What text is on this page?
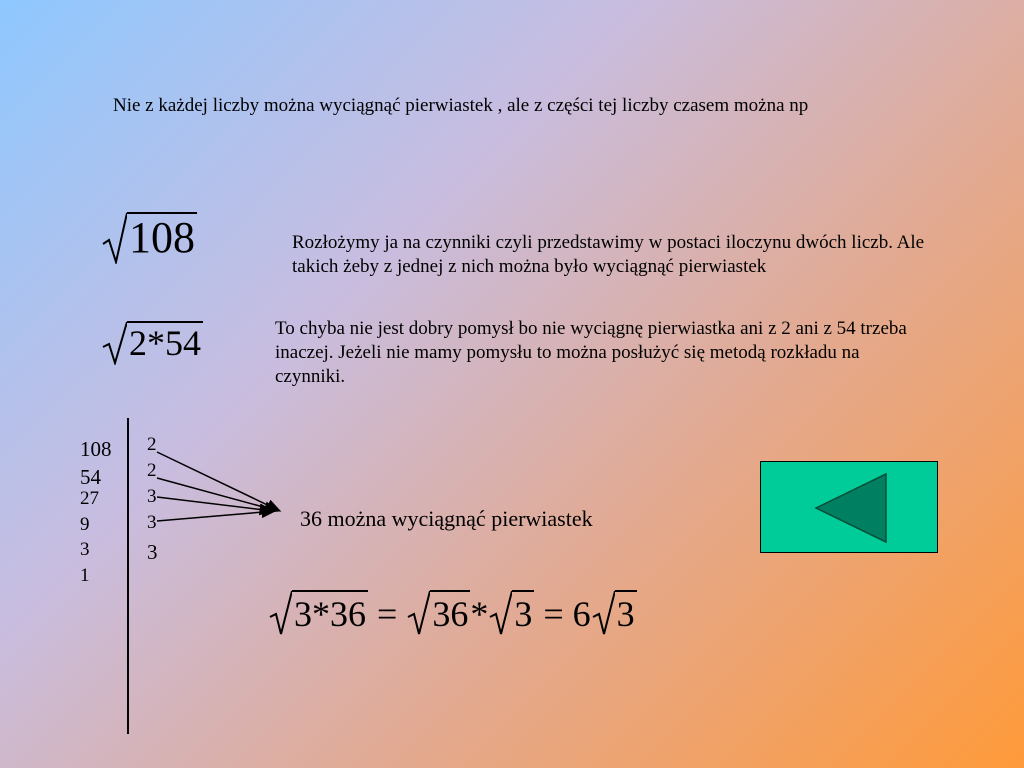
Nie z każdej liczby można wyciągnąć pierwiastek , ale z części tej liczby czasem można np
108	Rozłożymy ja na czynniki czyli przedstawimy w postaci iloczynu dwóch liczb. Ale takich żeby z jednej z nich można było wyciągnąć pierwiastek
2*54	To chyba nie jest dobry pomysł bo nie wyciągnę pierwiastka ani z 2 ani z 54 trzeba inaczej. Jeżeli nie mamy pomysłu to można posłużyć się metodą rozkładu na czynniki.
108
54
27
9
3
1
2
2
3
3
3
36 można wyciągnąć pierwiastek
3*36 = 36* 3 = 6 3
